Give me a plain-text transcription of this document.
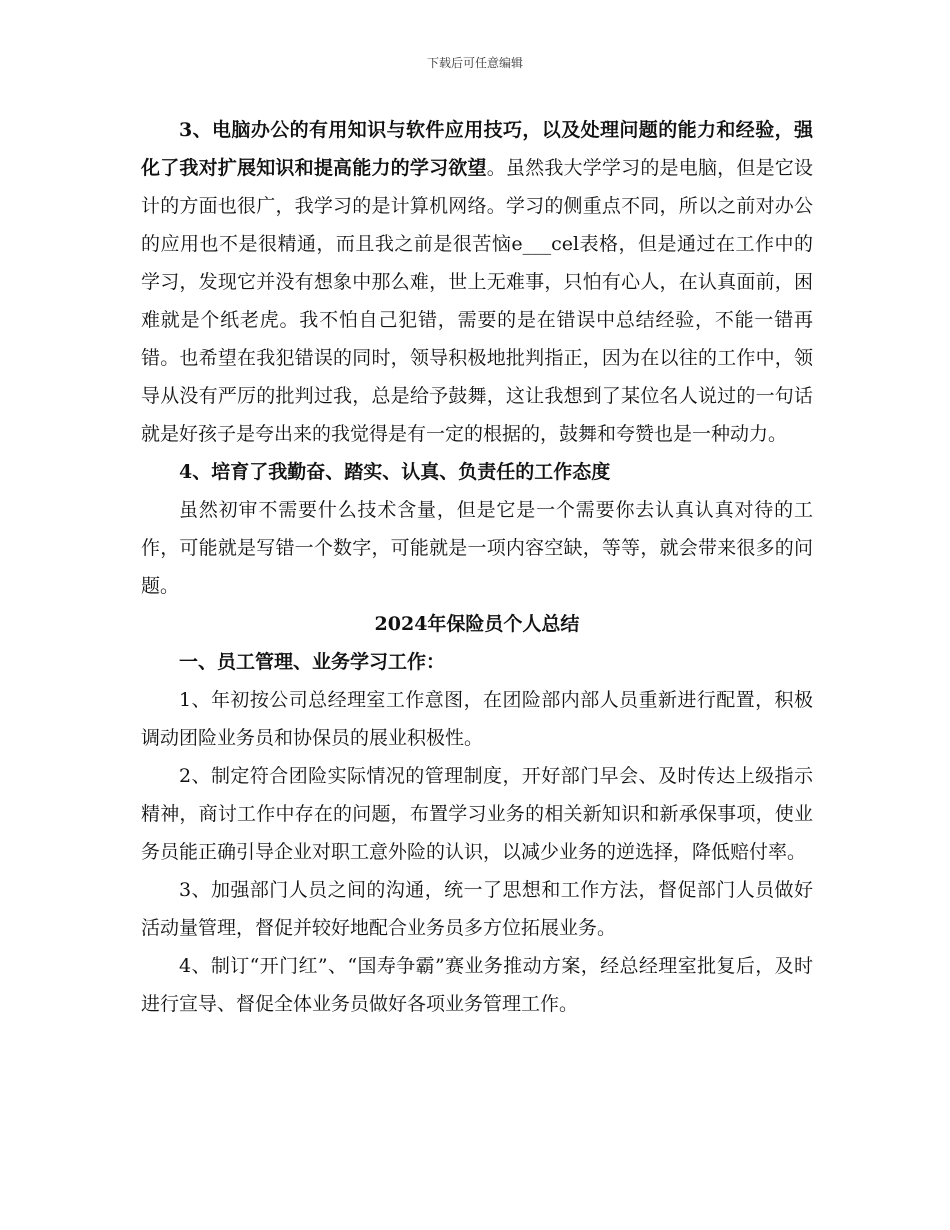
下载后可任意编辑

3、电脑办公的有用知识与软件应用技巧，以及处理问题的能力和经验，强化了我对扩展知识和提高能力的学习欲望。虽然我大学学习的是电脑，但是它设计的方面也很广，我学习的是计算机网络。学习的侧重点不同，所以之前对办公的应用也不是很精通，而且我之前是很苦恼e___cel表格，但是通过在工作中的学习，发现它并没有想象中那么难，世上无难事，只怕有心人，在认真面前，困难就是个纸老虎。我不怕自己犯错，需要的是在错误中总结经验，不能一错再错。也希望在我犯错误的同时，领导积极地批判指正，因为在以往的工作中，领导从没有严厉的批判过我，总是给予鼓舞，这让我想到了某位名人说过的一句话就是好孩子是夸出来的我觉得是有一定的根据的，鼓舞和夸赞也是一种动力。

4、培育了我勤奋、踏实、认真、负责任的工作态度

虽然初审不需要什么技术含量，但是它是一个需要你去认真认真对待的工作，可能就是写错一个数字，可能就是一项内容空缺，等等，就会带来很多的问题。

2024年保险员个人总结

一、员工管理、业务学习工作：

1、年初按公司总经理室工作意图，在团险部内部人员重新进行配置，积极调动团险业务员和协保员的展业积极性。

2、制定符合团险实际情况的管理制度，开好部门早会、及时传达上级指示精神，商讨工作中存在的问题，布置学习业务的相关新知识和新承保事项，使业务员能正确引导企业对职工意外险的认识，以减少业务的逆选择，降低赔付率。

3、加强部门人员之间的沟通，统一了思想和工作方法，督促部门人员做好活动量管理，督促并较好地配合业务员多方位拓展业务。

4、制订“开门红”、“国寿争霸”赛业务推动方案，经总经理室批复后，及时进行宣导、督促全体业务员做好各项业务管理工作。
